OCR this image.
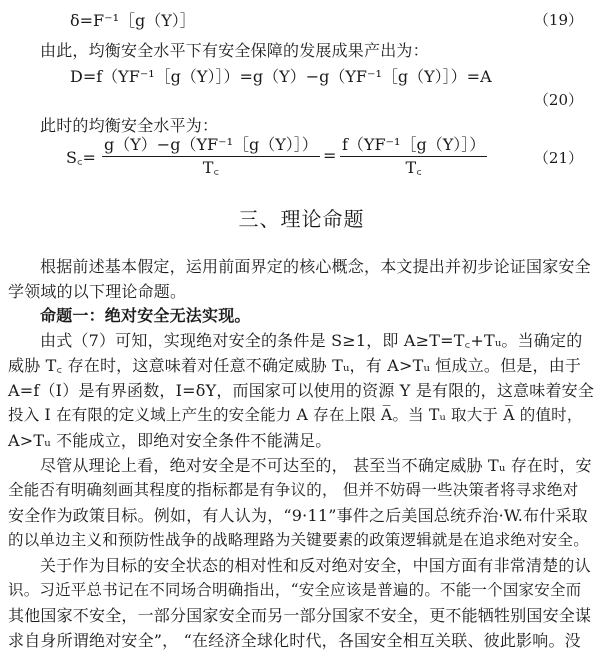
δ=F⁻¹［g（Y）］	（19）
由此，均衡安全水平下有安全保障的发展成果产出为：
D=f（YF⁻¹［g（Y）］）=g（Y）−g（YF⁻¹［g（Y）］）=A
（20）
此时的均衡安全水平为：
S꜀= $\frac{\text{g（Y）−g（YF⁻¹［g（Y）］）}}{T꜀} = \frac{\text{f（YF⁻¹［g（Y）］）}}{T꜀}$	（21）
三、理论命题
根据前述基本假定，运用前面界定的核心概念，本文提出并初步论证国家安全
学领域的以下理论命题。
命题一：绝对安全无法实现。
由式（7）可知，实现绝对安全的条件是 S≥1，即 A≥T=T꜀+Tᵤ。当确定的
威胁 T꜀ 存在时，这意味着对任意不确定威胁 Tᵤ，有 A>Tᵤ 恒成立。但是，由于
A=f（I）是有界函数，I=δY，而国家可以使用的资源 Y 是有限的，这意味着安全
投入 I 在有限的定义域上产生的安全能力 A 存在上限 A̅。当 Tᵤ 取大于 A̅ 的值时，
A>Tᵤ 不能成立，即绝对安全条件不能满足。
尽管从理论上看，绝对安全是不可达至的， 甚至当不确定威胁 Tᵤ 存在时，安
全能否有明确刻画其程度的指标都是有争议的， 但并不妨碍一些决策者将寻求绝对
安全作为政策目标。例如，有人认为，“9·11”事件之后美国总统乔治·W.布什采取
的以单边主义和预防性战争的战略理路为关键要素的政策逻辑就是在追求绝对安全。
关于作为目标的安全状态的相对性和反对绝对安全，中国方面有非常清楚的认
识。习近平总书记在不同场合明确指出，“安全应该是普遍的。不能一个国家安全而
其他国家不安全，一部分国家安全而另一部分国家不安全，更不能牺牲别国安全谋
求自身所谓绝对安全”， “在经济全球化时代，各国安全相互关联、彼此影响。没
